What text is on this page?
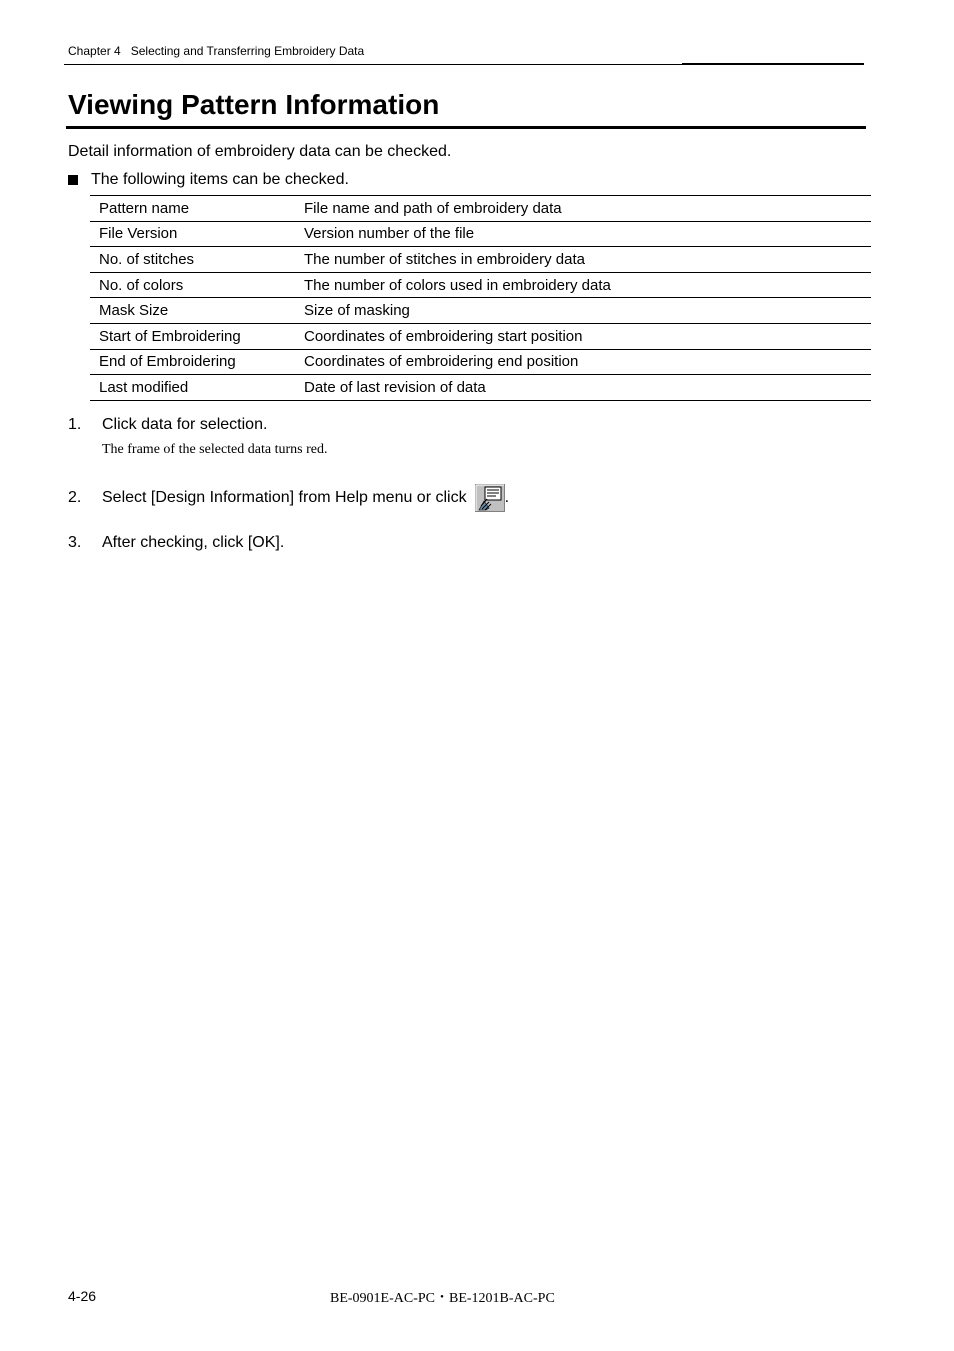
Chapter 4 Selecting and Transferring Embroidery Data
Viewing Pattern Information
Detail information of embroidery data can be checked.
The following items can be checked.
Pattern name	File name and path of embroidery data
File Version	Version number of the file
No. of stitches	The number of stitches in embroidery data
No. of colors	The number of colors used in embroidery data
Mask Size	Size of masking
Start of Embroidering	Coordinates of embroidering start position
End of Embroidering	Coordinates of embroidering end position
Last modified	Date of last revision of data
1.	Click data for selection.
The frame of the selected data turns red.
2.	Select [Design Information] from Help menu or click .
3.	After checking, click [OK].
4-26	BE-0901E-AC-PC・BE-1201B-AC-PC
